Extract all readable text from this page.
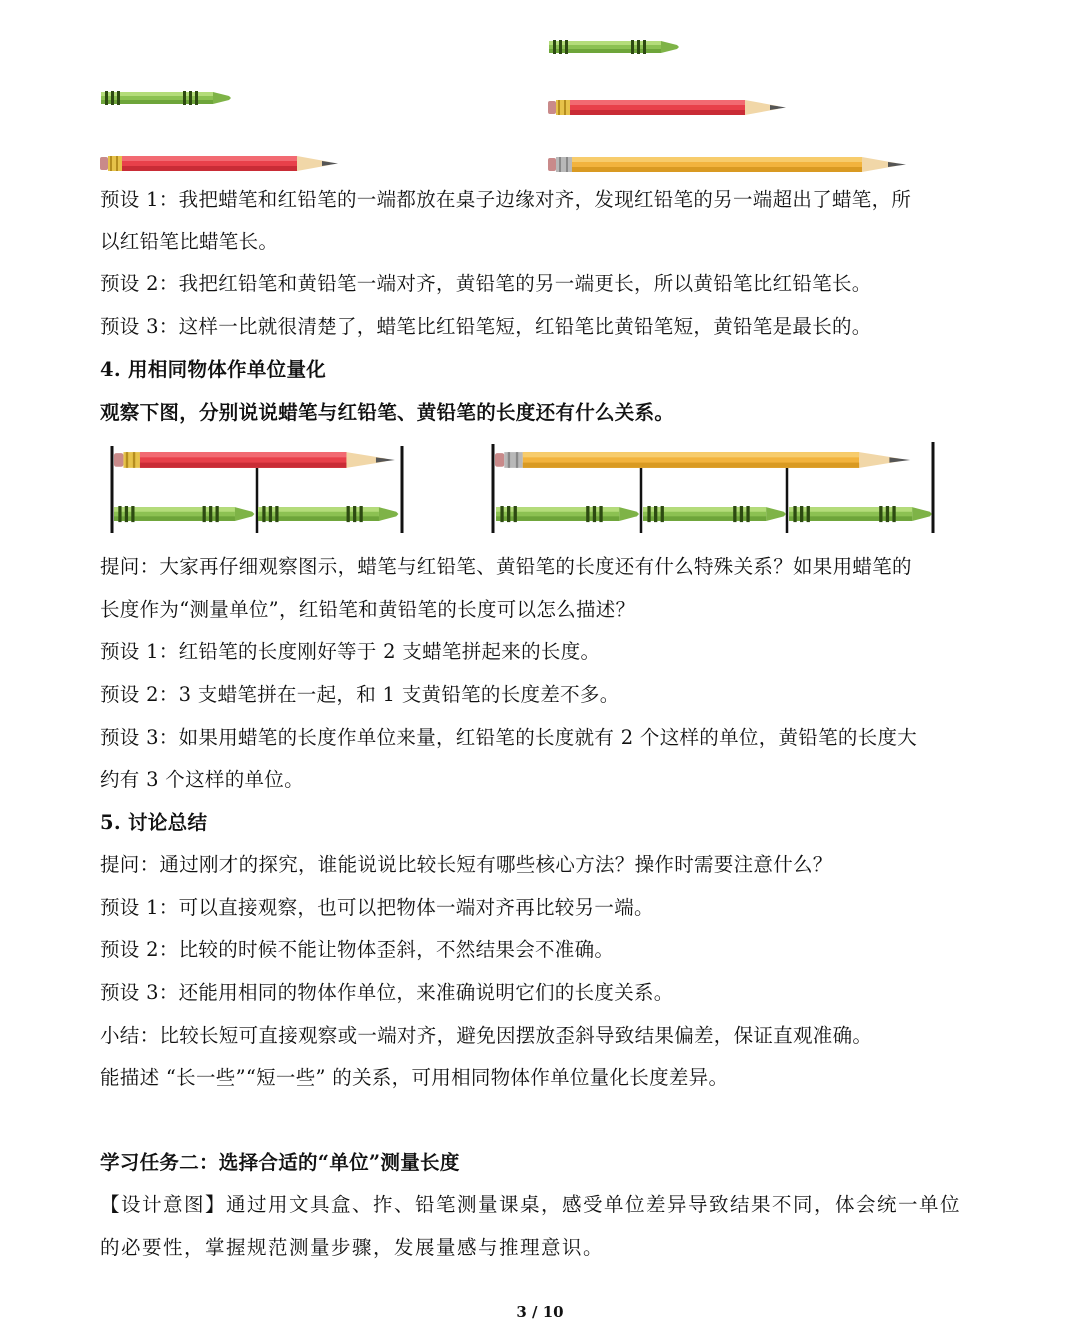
预设 1：我把蜡笔和红铅笔的一端都放在桌子边缘对齐，发现红铅笔的另一端超出了蜡笔，所
以红铅笔比蜡笔长。
预设 2：我把红铅笔和黄铅笔一端对齐，黄铅笔的另一端更长，所以黄铅笔比红铅笔长。
预设 3：这样一比就很清楚了，蜡笔比红铅笔短，红铅笔比黄铅笔短，黄铅笔是最长的。
4. 用相同物体作单位量化
观察下图，分别说说蜡笔与红铅笔、黄铅笔的长度还有什么关系。
提问：大家再仔细观察图示，蜡笔与红铅笔、黄铅笔的长度还有什么特殊关系？如果用蜡笔的
长度作为“测量单位”，红铅笔和黄铅笔的长度可以怎么描述？
预设 1：红铅笔的长度刚好等于 2 支蜡笔拼起来的长度。
预设 2：3 支蜡笔拼在一起，和 1 支黄铅笔的长度差不多。
预设 3：如果用蜡笔的长度作单位来量，红铅笔的长度就有 2 个这样的单位，黄铅笔的长度大
约有 3 个这样的单位。
5. 讨论总结
提问：通过刚才的探究，谁能说说比较长短有哪些核心方法？操作时需要注意什么？
预设 1：可以直接观察，也可以把物体一端对齐再比较另一端。
预设 2：比较的时候不能让物体歪斜，不然结果会不准确。
预设 3：还能用相同的物体作单位，来准确说明它们的长度关系。
小结：比较长短可直接观察或一端对齐，避免因摆放歪斜导致结果偏差，保证直观准确。
能描述 “长一些”“短一些” 的关系，可用相同物体作单位量化长度差异。
学习任务二：选择合适的“单位”测量长度
【设计意图】通过用文具盒、拃、铅笔测量课桌，感受单位差异导致结果不同，体会统一单位
的必要性，掌握规范测量步骤，发展量感与推理意识。
3 / 10
